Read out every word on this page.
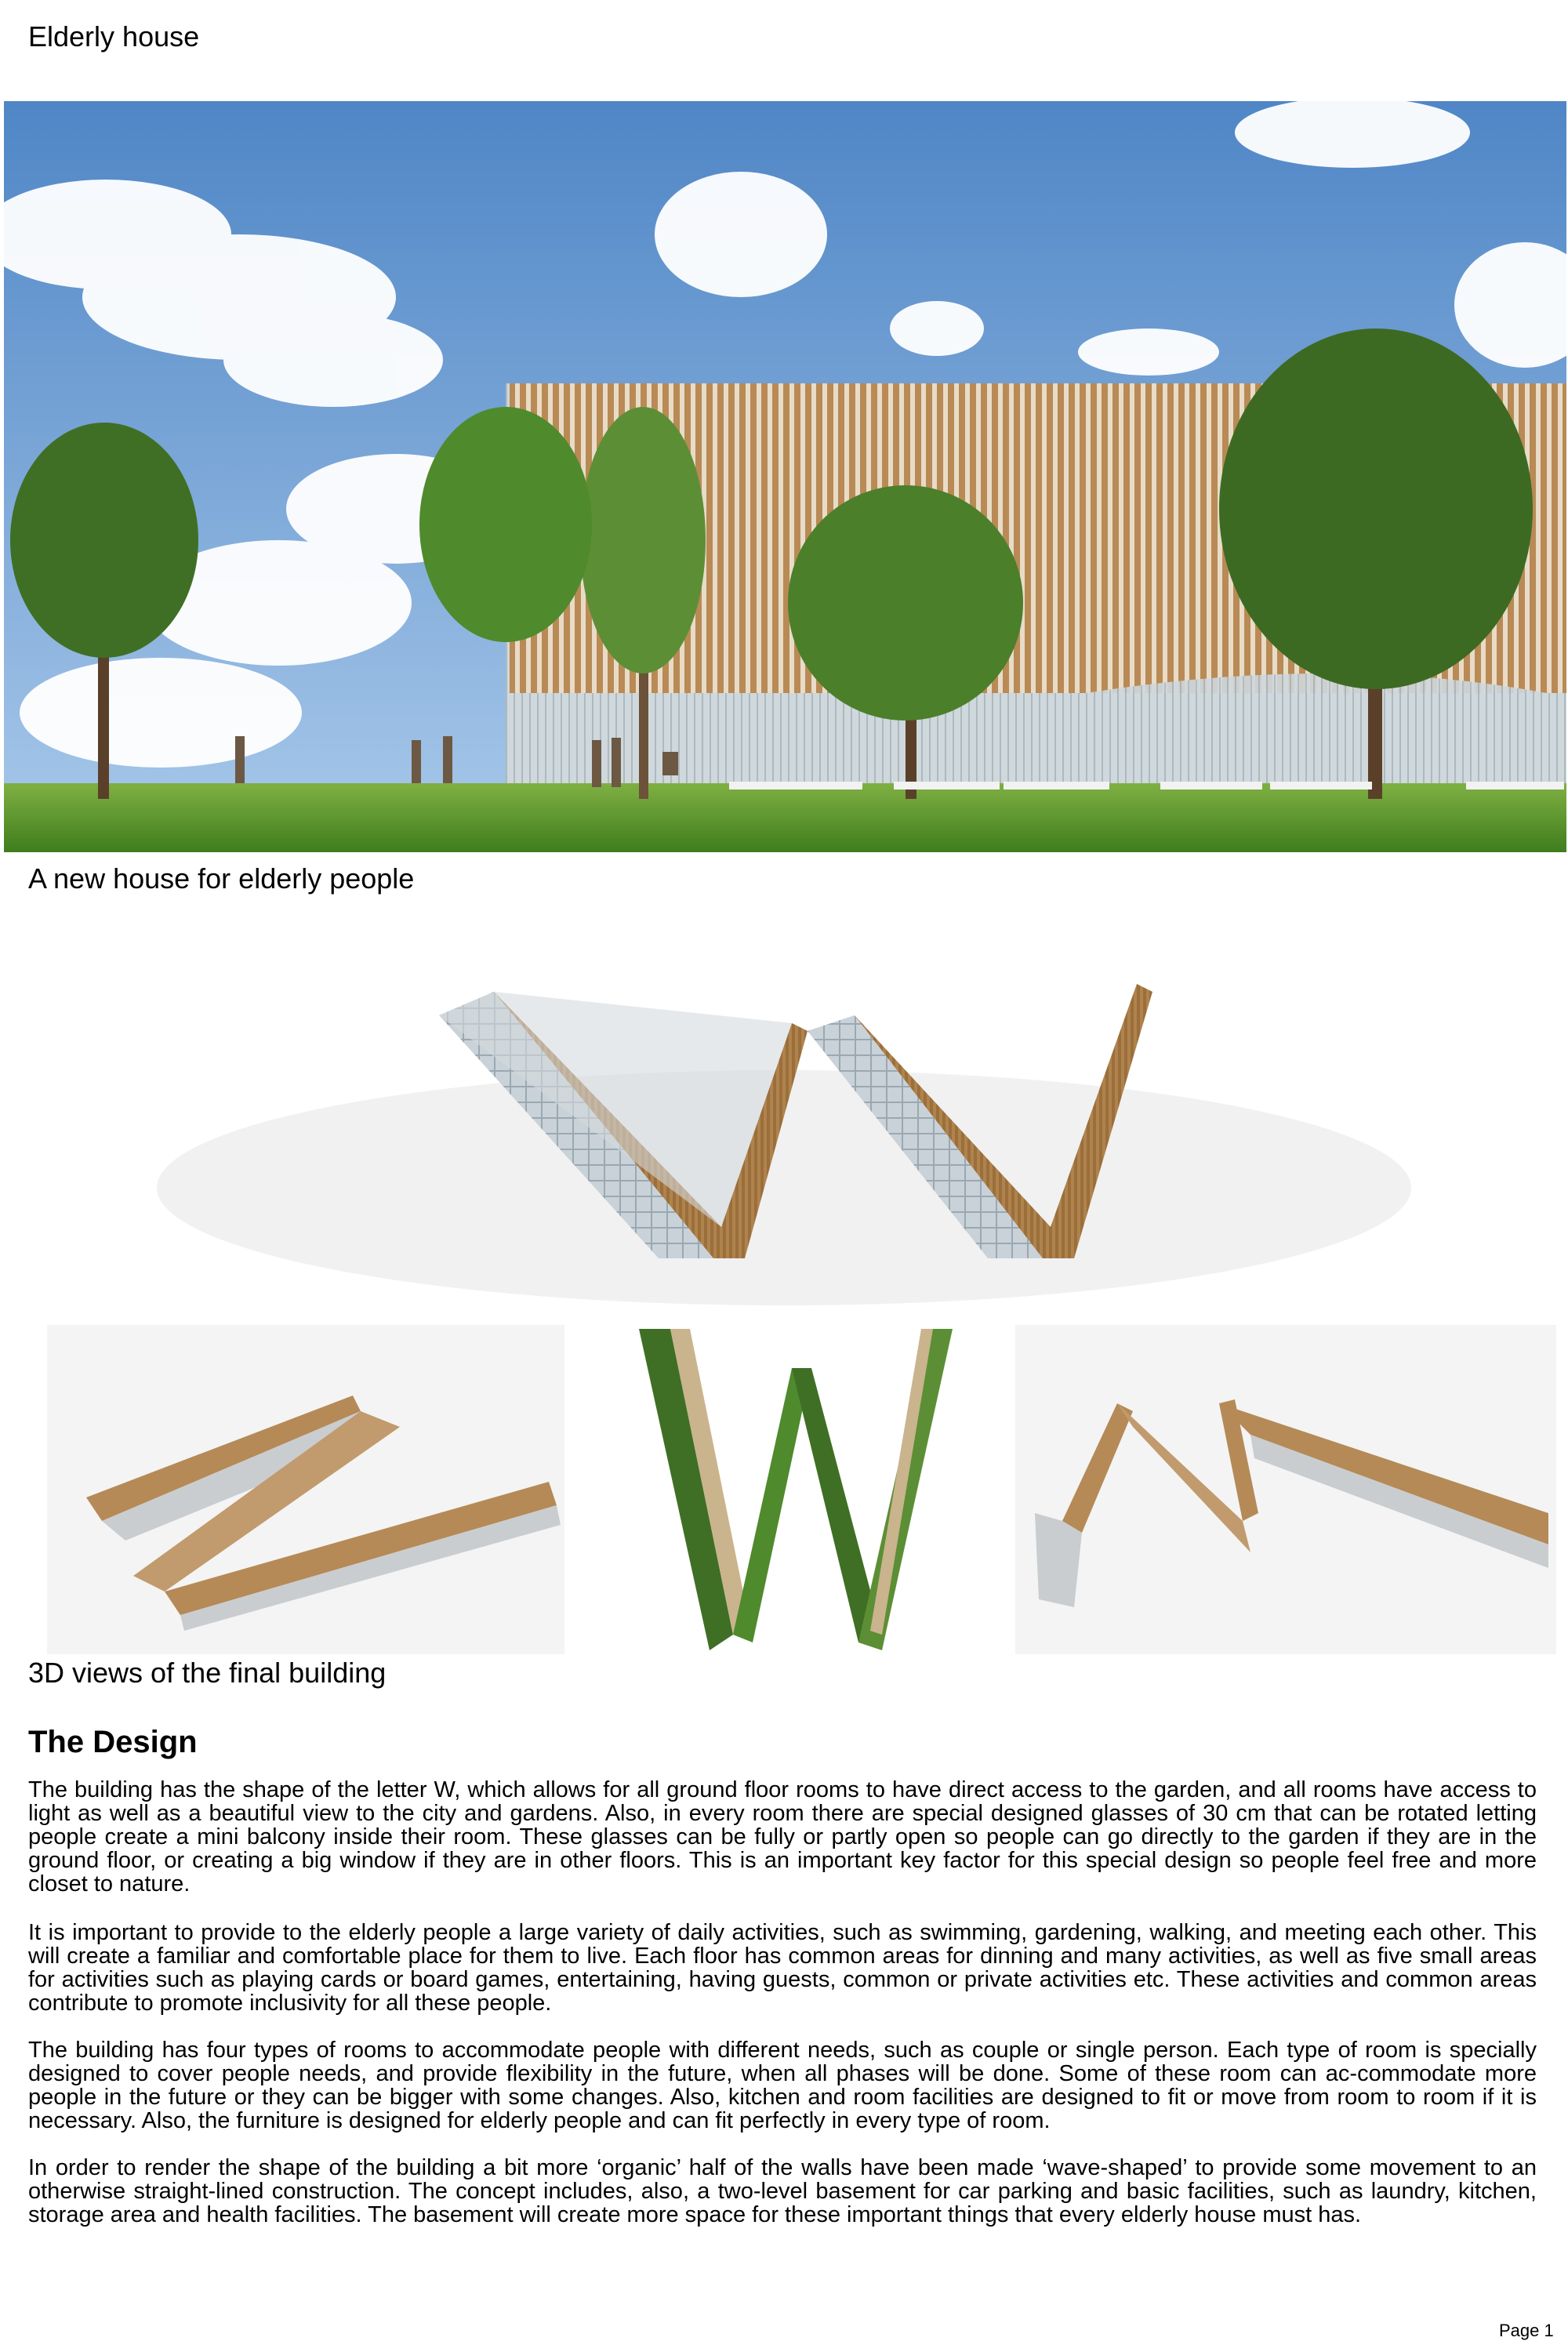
Elderly house
A new house for elderly people
3D views of the final building
The Design

The building has the shape of the letter W, which allows for all ground floor rooms to have direct access to the garden, and all rooms have access to light as well as a beautiful view to the city and gardens. Also, in every room there are special designed glasses of 30 cm that can be rotated letting people create a mini balcony inside their room. These glasses can be fully or partly open so people can go directly to the garden if they are in the ground floor, or creating a big window if they are in other floors. This is an important key factor for this special design so people feel free and more closet to nature.

It is important to provide to the elderly people a large variety of daily activities, such as swimming, gardening, walking, and meeting each other. This will create a familiar and comfortable place for them to live. Each floor has common areas for dinning and many activities, as well as five small areas for activities such as playing cards or board games, entertaining, having guests, common or private activities etc. These activities and common areas contribute to promote inclusivity for all these people.

The building has four types of rooms to accommodate people with different needs, such as couple or single person. Each type of room is specially designed to cover people needs, and provide flexibility in the future, when all phases will be done. Some of these room can ac-commodate more people in the future or they can be bigger with some changes. Also, kitchen and room facilities are designed to fit or move from room to room if it is necessary. Also, the furniture is designed for elderly people and can fit perfectly in every type of room.

In order to render the shape of the building a bit more ‘organic’ half of the walls have been made ‘wave-shaped’ to provide some movement to an otherwise straight-lined construction. The concept includes, also, a two-level basement for car parking and basic facilities, such as laundry, kitchen, storage area and health facilities. The basement will create more space for these important things that every elderly house must has.

Page 1
